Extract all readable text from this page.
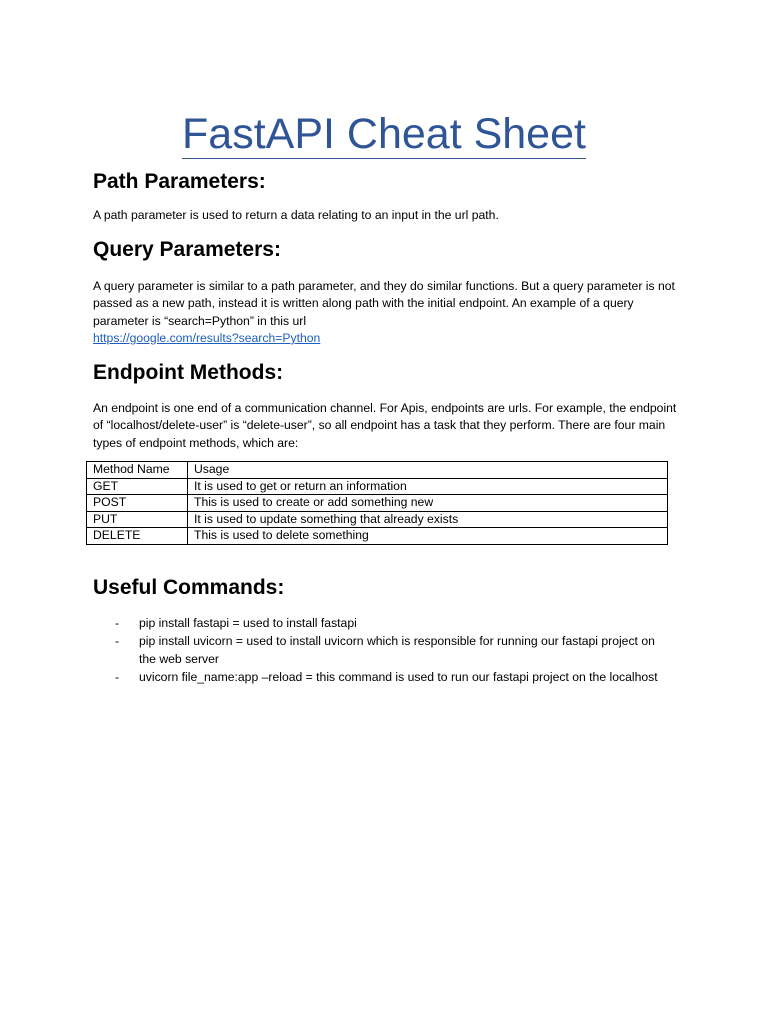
FastAPI Cheat Sheet
Path Parameters:

A path parameter is used to return a data relating to an input in the url path.

Query Parameters:

A query parameter is similar to a path parameter, and they do similar functions. But a query parameter is not passed as a new path, instead it is written along path with the initial endpoint. An example of a query parameter is “search=Python” in this url
https://google.com/results?search=Python

Endpoint Methods:

An endpoint is one end of a communication channel. For Apis, endpoints are urls. For example, the endpoint of “localhost/delete-user” is “delete-user”, so all endpoint has a task that they perform. There are four main types of endpoint methods, which are:

Method Name	Usage
GET	It is used to get or return an information
POST	This is used to create or add something new
PUT	It is used to update something that already exists
DELETE	This is used to delete something
Useful Commands:
- pip install fastapi = used to install fastapi
- pip install uvicorn = used to install uvicorn which is responsible for running our fastapi project on the web server
- uvicorn file_name:app –reload = this command is used to run our fastapi project on the localhost
